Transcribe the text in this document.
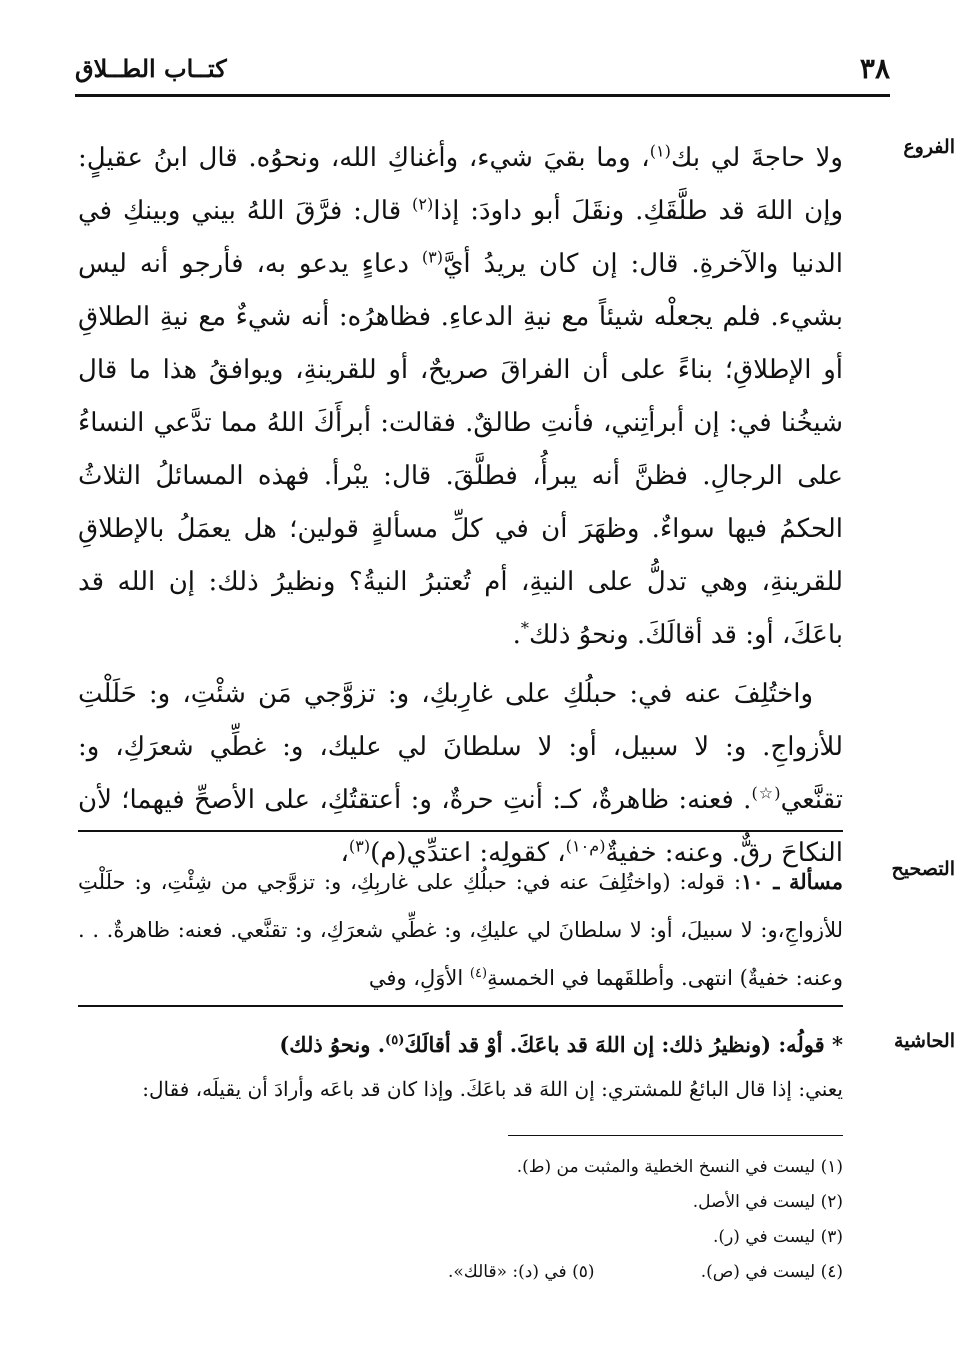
٣٨
كتــاب الطــلاق
الفروع

ولا حاجةَ لي بك$^{(١)}$، وما بقيَ شيء، وأغناكِ الله، ونحوُه. قال ابنُ عقيلٍ: وإن اللهَ قد طلَّقَكِ. ونقَلَ أبو داودَ: إذا$^{(٢)}$ قال: فرَّقَ اللهُ بيني وبينكِ في الدنيا والآخرةِ. قال: إن كان يريدُ أيَّ$^{(٣)}$ دعاءٍ يدعو به، فأرجو أنه ليس بشيء. فلم يجعلْه شيئاً مع نيةِ الدعاءِ. فظاهرُه: أنه شيءٌ مع نيةِ الطلاقِ أو الإطلاقِ؛ بناءً على أن الفراقَ صريحٌ، أو للقرينةِ، ويوافقُ هذا ما قال شيخُنا في: إن أبرأتِني، فأنتِ طالقٌ. فقالت: أبرأَكَ اللهُ مما تدَّعي النساءُ على الرجالِ. فظنَّ أنه يبرأُ، فطلَّقَ. قال: يبْرأ. فهذه المسائلُ الثلاثُ الحكمُ فيها سواءٌ. وظهَرَ أن في كلِّ مسألةٍ قولين؛ هل يعمَلُ بالإطلاقِ للقرينةِ، وهي تدلُّ على النيةِ، أم تُعتبرُ النيةُ؟ ونظيرُ ذلك: إن الله قد باعَكَ، أو: قد أقالَكَ. ونحوُ ذلك*.

واختُلِفَ عنه في: حبلُكِ على غارِبكِ، و: تزوَّجي مَن شئْتِ، و: حَلَلْتِ للأزواجِ. و: لا سبيل، أو: لا سلطانَ لي عليك، و: غطِّي شعرَكِ، و: تقنَّعي(☆). فعنه: ظاهرةٌ، كـ: أنتِ حرةٌ، و: أعتقتُكِ، على الأصحِّ فيهما؛ لأن النكاحَ رقٌّ. وعنه: خفيةٌ$^{(م١٠)}$، كقولِه: اعتدِّي(م)$^{(٣)}$،

التصحيح
مسألة ـ ١٠: قوله: (واختُلِفَ عنه في: حبلُكِ على غاربِكِ، و: تزوَّجي من شِئْتِ، و: حلَلْتِ للأزواجِ،و: لا سبيلَ، أو: لا سلطانَ لي عليكِ، و: غطِّي شعرَكِ، و: تقنَّعي. فعنه: ظاهرةٌ. . . وعنه: خفيةٌ) انتهى. وأطلقَهما في الخمسةِ$^{(٤)}$ الأوَلِ، وفي
الحاشية
* قولُه: (ونظيرُ ذلك: إن اللهَ قد باعَكَ. أوْ قد أقالَكَ$^{(٥)}$. ونحوُ ذلك)
يعني: إذا قال البائعُ للمشتري: إن اللهَ قد باعَكَ. وإذا كان قد باعَه وأرادَ أن يقيلَه، فقال:
(١) ليست في النسخ الخطية والمثبت من (ط).
(٢) ليست في الأصل.
(٣) ليست في (ر).
(٤) ليست في (ص).
(٥) في (د): «قالك».
